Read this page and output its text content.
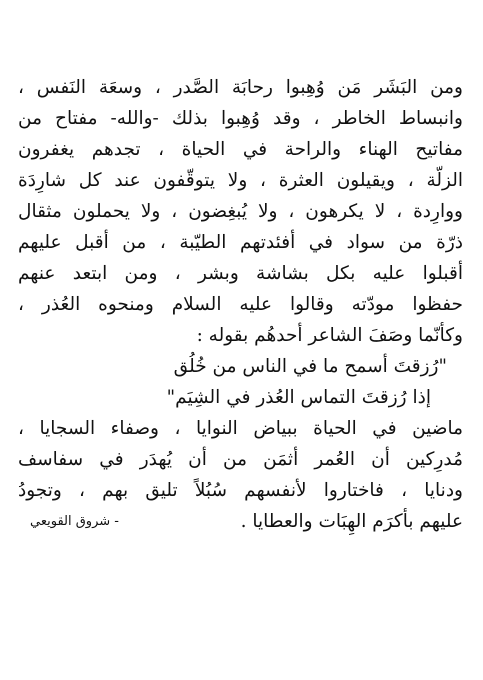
ومن البَشَر مَن وُهِبوا رحابَة الصَّدر ، وسعَة النَفس ،
وانبساط الخاطر ، وقد وُهِبوا بذلك -والله- مفتاح من
مفاتيح الهناء والراحة في الحياة ، تجدهم يغفرون
الزلّة ، ويقيلون العثرة ، ولا يتوقّفون عند كل شارِدَة
ووارِدة ، لا يكرهون ، ولا يُبغِضون ، ولا يحملون مثقال
ذرّة من سواد في أفئدتهم الطيّبة ، من أقبل عليهم
أقبلوا عليه بكل بشاشة وبشر ، ومن ابتعد عنهم
حفظوا مودّته وقالوا عليه السلام ومنحوه العُذر ،
وكأنّما وصَفَ الشاعر أحدهُم بقوله :
"رُزقتَ أسمح ما في الناس من خُلُق
إذا رُزقتَ التماس العُذر في الشِيَم"
ماضين في الحياة ببياض النوايا ، وصفاء السجايا ،
مُدرِكين أن العُمر أثمَن من أن يُهدَر في سفاسف
ودنايا ، فاختاروا لأنفسهم سُبُلاً تليق بهم ، وتجودُ
عليهم بأكرَم الهِبَات والعطايا .
- شروق القويعي
